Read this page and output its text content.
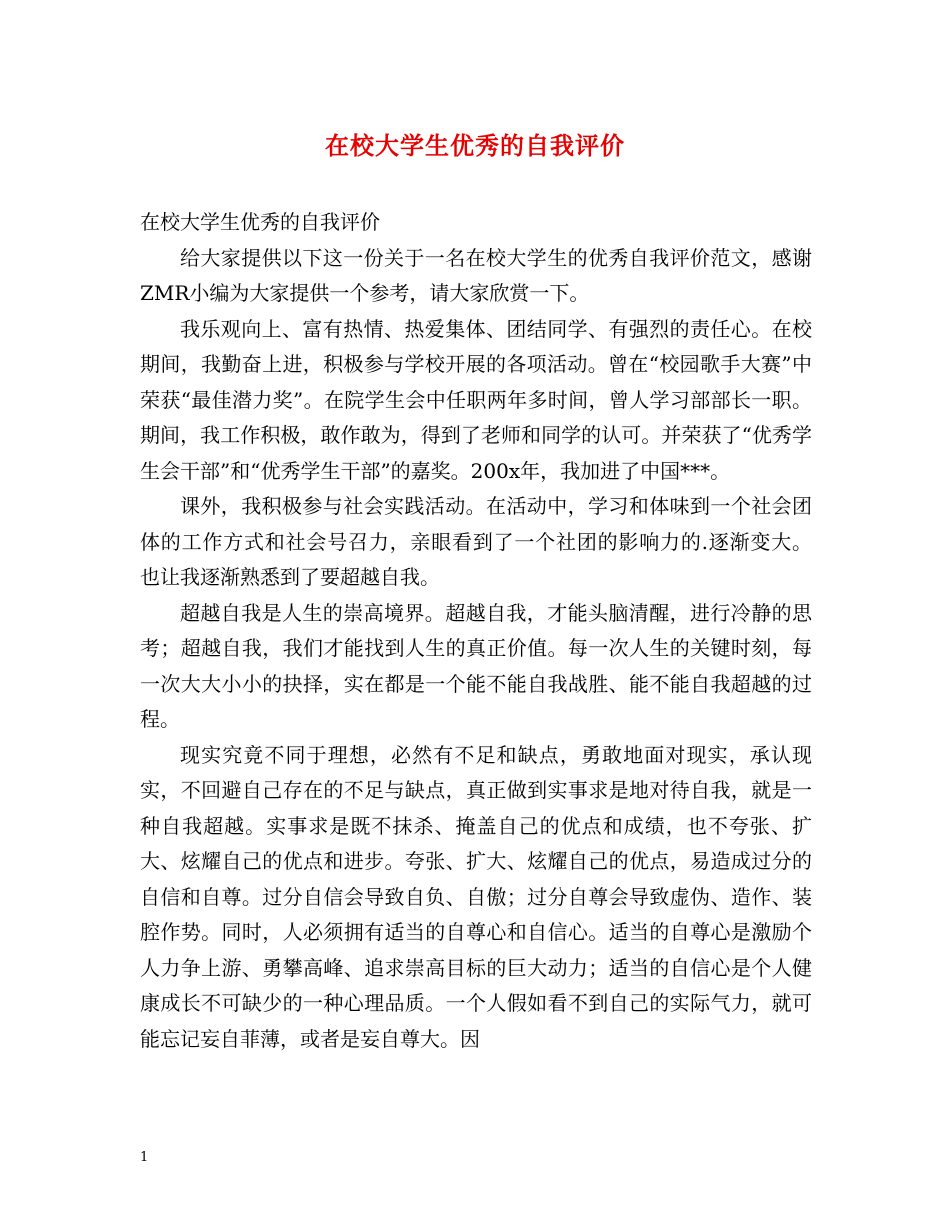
在校大学生优秀的自我评价

在校大学生优秀的自我评价

给大家提供以下这一份关于一名在校大学生的优秀自我评价范文，感谢ZMR小编为大家提供一个参考，请大家欣赏一下。

我乐观向上、富有热情、热爱集体、团结同学、有强烈的责任心。在校期间，我勤奋上进，积极参与学校开展的各项活动。曾在“校园歌手大赛”中荣获“最佳潜力奖”。在院学生会中任职两年多时间，曾人学习部部长一职。期间，我工作积极，敢作敢为，得到了老师和同学的认可。并荣获了“优秀学生会干部”和“优秀学生干部”的嘉奖。200x年，我加进了中国***。

课外，我积极参与社会实践活动。在活动中，学习和体味到一个社会团体的工作方式和社会号召力，亲眼看到了一个社团的影响力的.逐渐变大。 也让我逐渐熟悉到了要超越自我。

超越自我是人生的崇高境界。超越自我，才能头脑清醒，进行冷静的思考；超越自我，我们才能找到人生的真正价值。每一次人生的关键时刻，每一次大大小小的抉择，实在都是一个能不能自我战胜、能不能自我超越的过程。

现实究竟不同于理想，必然有不足和缺点，勇敢地面对现实，承认现实，不回避自己存在的不足与缺点，真正做到实事求是地对待自我，就是一种自我超越。实事求是既不抹杀、掩盖自己的优点和成绩，也不夸张、扩大、炫耀自己的优点和进步。夸张、扩大、炫耀自己的优点，易造成过分的自信和自尊。过分自信会导致自负、自傲；过分自尊会导致虚伪、造作、装腔作势。同时，人必须拥有适当的自尊心和自信心。适当的自尊心是激励个人力争上游、勇攀高峰、追求崇高目标的巨大动力；适当的自信心是个人健康成长不可缺少的一种心理品质。一个人假如看不到自己的实际气力，就可能忘记妄自菲薄，或者是妄自尊大。因

1
